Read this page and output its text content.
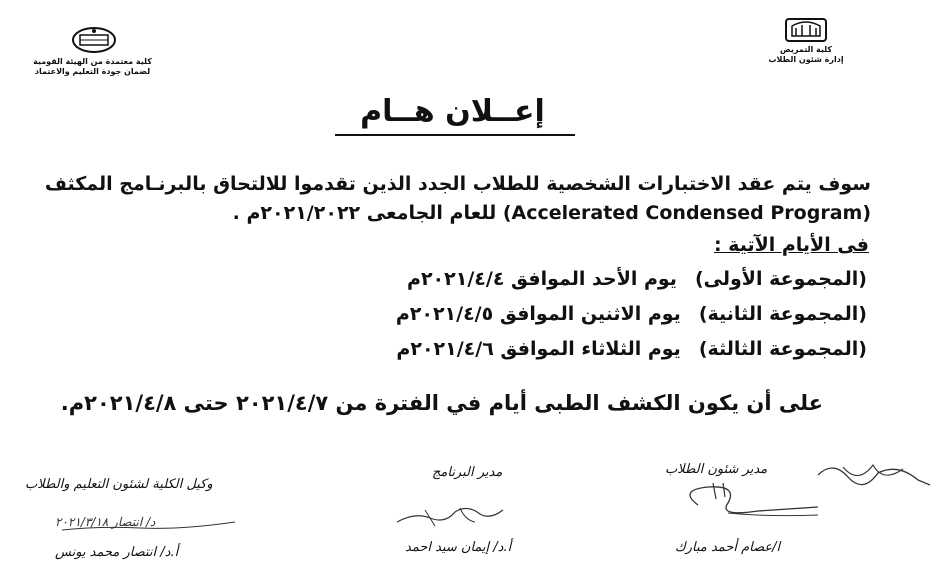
كلية التمريض
إدارة شئون الطلاب
كلية معتمدة من الهيئة القومية
لضمان جودة التعليم والاعتماد
إعــلان هــام
سوف يتم عقد الاختبارات الشخصية للطلاب الجدد الذين تقدموا للالتحاق بالبرنـامج المكثف
(Accelerated Condensed Program) للعام الجامعى ٢٠٢١/٢٠٢٢م .
فى الأيام الآتية :
(المجموعة الأولى)يوم الأحد الموافق ٢٠٢١/٤/٤م
(المجموعة الثانية)يوم الاثنين الموافق ٢٠٢١/٤/٥م
(المجموعة الثالثة)يوم الثلاثاء الموافق ٢٠٢١/٤/٦م
على أن يكون الكشف الطبى أيام في الفترة من ٢٠٢١/٤/٧ حتى ٢٠٢١/٤/٨م.
مدير شئون الطلاب
مدير البرنامج
وكيل الكلية لشئون التعليم والطلاب
د/ انتصار ٢٠٢١/٣/١٨
ا/عصام أحمد مبارك
أ.د/ إيمان سيد احمد
أ.د/ انتصار محمد يونس
